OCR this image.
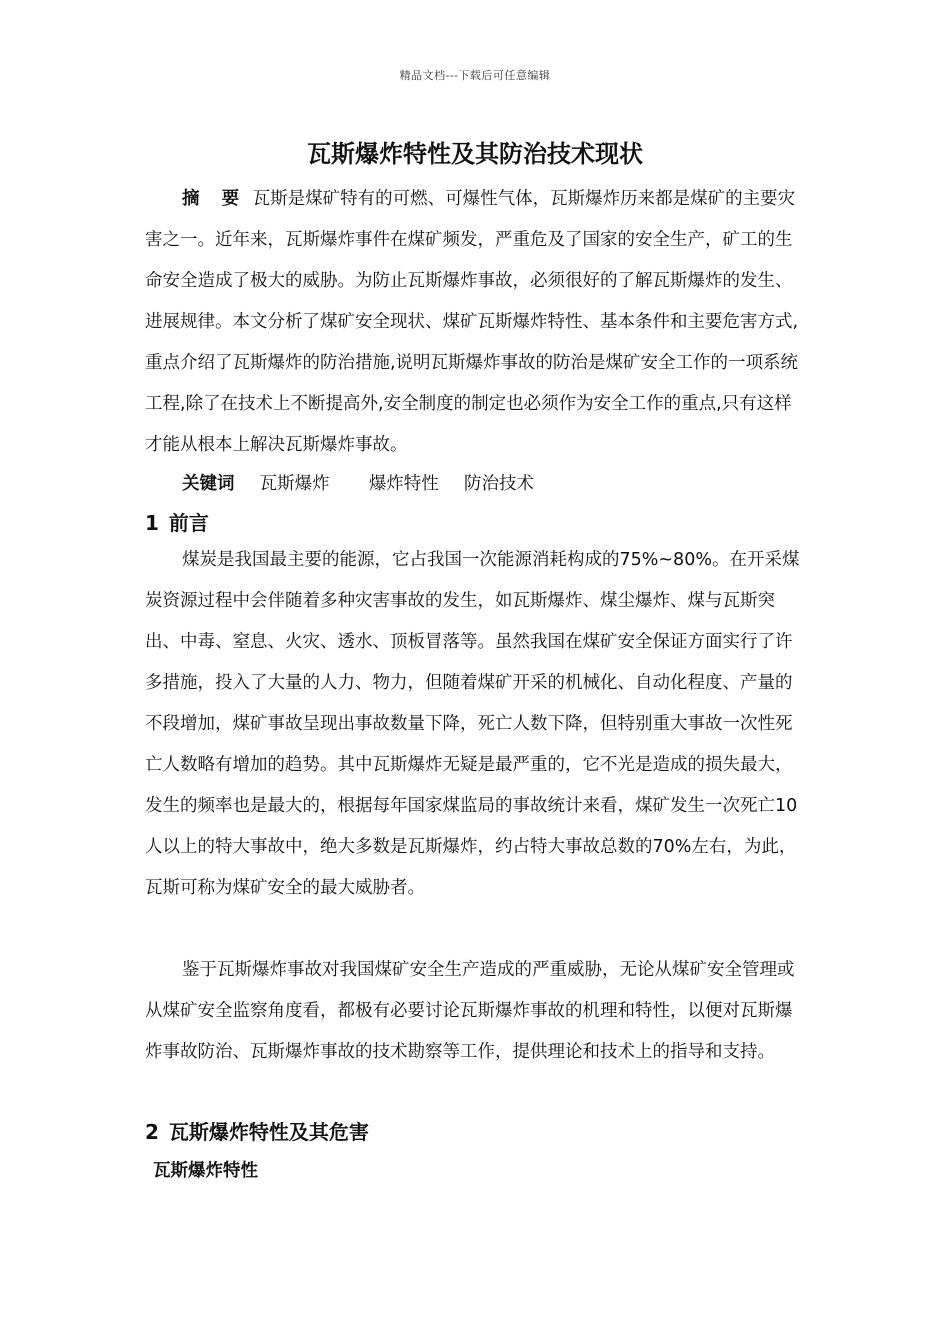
精品文档---下载后可任意编辑
瓦斯爆炸特性及其防治技术现状
摘 要 瓦斯是煤矿特有的可燃、可爆性气体，瓦斯爆炸历来都是煤矿的主要灾害之一。近年来，瓦斯爆炸事件在煤矿频发，严重危及了国家的安全生产，矿工的生命安全造成了极大的威胁。为防止瓦斯爆炸事故，必须很好的了解瓦斯爆炸的发生、进展规律。本文分析了煤矿安全现状、煤矿瓦斯爆炸特性、基本条件和主要危害方式,重点介绍了瓦斯爆炸的防治措施,说明瓦斯爆炸事故的防治是煤矿安全工作的一项系统工程,除了在技术上不断提高外,安全制度的制定也必须作为安全工作的重点,只有这样才能从根本上解决瓦斯爆炸事故。
关键词 瓦斯爆炸 爆炸特性 防治技术
1 前言
煤炭是我国最主要的能源，它占我国一次能源消耗构成的75%~80%。在开采煤炭资源过程中会伴随着多种灾害事故的发生，如瓦斯爆炸、煤尘爆炸、煤与瓦斯突出、中毒、窒息、火灾、透水、顶板冒落等。虽然我国在煤矿安全保证方面实行了许多措施，投入了大量的人力、物力，但随着煤矿开采的机械化、自动化程度、产量的不段增加，煤矿事故呈现出事故数量下降，死亡人数下降，但特别重大事故一次性死亡人数略有增加的趋势。其中瓦斯爆炸无疑是最严重的，它不光是造成的损失最大，发生的频率也是最大的，根据每年国家煤监局的事故统计来看，煤矿发生一次死亡10人以上的特大事故中，绝大多数是瓦斯爆炸，约占特大事故总数的70%左右，为此，瓦斯可称为煤矿安全的最大威胁者。
鉴于瓦斯爆炸事故对我国煤矿安全生产造成的严重威胁，无论从煤矿安全管理或从煤矿安全监察角度看，都极有必要讨论瓦斯爆炸事故的机理和特性，以便对瓦斯爆炸事故防治、瓦斯爆炸事故的技术勘察等工作，提供理论和技术上的指导和支持。
2 瓦斯爆炸特性及其危害
瓦斯爆炸特性
